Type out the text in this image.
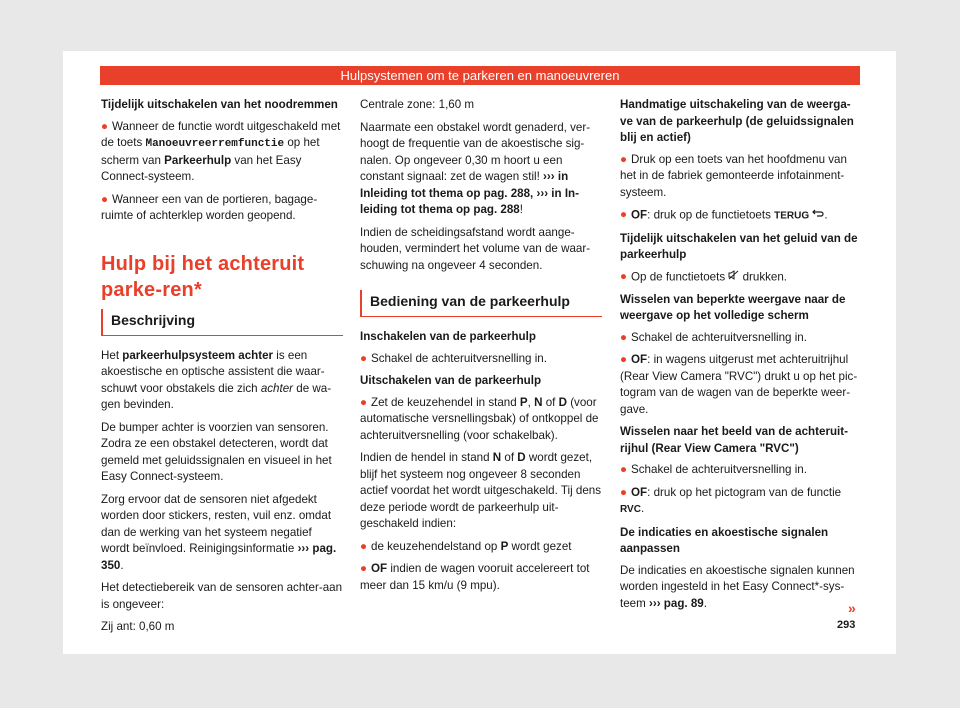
Hulpsystemen om te parkeren en manoeuvreren

Tijdelijk uitschakelen van het noodremmen

● Wanneer de functie wordt uitgeschakeld met de toets Manoeuvreerremfunctie op het scherm van Parkeerhulp van het Easy Connect-systeem.

● Wanneer een van de portieren, bagage-ruimte of achterklep worden geopend.

Hulp bij het achteruit parke-ren*
Beschrijving

Het parkeerhulpsysteem achter is een akoestische en optische assistent die waar-schuwt voor obstakels die zich achter de wa-gen bevinden.

De bumper achter is voorzien van sensoren. Zodra ze een obstakel detecteren, wordt dat gemeld met geluidssignalen en visueel in het Easy Connect-systeem.

Zorg ervoor dat de sensoren niet afgedekt worden door stickers, resten, vuil enz. omdat dan de werking van het systeem negatief wordt beïnvloed. Reinigingsinformatie ››› pag. 350.

Het detectiebereik van de sensoren achter-aan is ongeveer:

Zij ant: 0,60 m

Centrale zone: 1,60 m

Naarmate een obstakel wordt genaderd, ver-hoogt de frequentie van de akoestische sig-nalen. Op ongeveer 0,30 m hoort u een constant signaal: zet de wagen stil! ››› in Inleiding tot thema op pag. 288, ››› in In-leiding tot thema op pag. 288!

Indien de scheidingsafstand wordt aange-houden, vermindert het volume van de waar-schuwing na ongeveer 4 seconden.

Bediening van de parkeerhulp

Inschakelen van de parkeerhulp

● Schakel de achteruitversnelling in.

Uitschakelen van de parkeerhulp

● Zet de keuzehendel in stand P, N of D (voor automatische versnellingsbak) of ontkoppel de achteruitversnelling (voor schakelbak).

Indien de hendel in stand N of D wordt gezet, blijf het systeem nog ongeveer 8 seconden actief voordat het wordt uitgeschakeld. Tij dens deze periode wordt de parkeerhulp uit-geschakeld indien:

● de keuzehendelstand op P wordt gezet

● OF indien de wagen vooruit accelereert tot meer dan 15 km/u (9 mpu).

Handmatige uitschakeling van de weerga-ve van de parkeerhulp (de geluidssignalen blij en actief)

● Druk op een toets van het hoofdmenu van het in de fabriek gemonteerde infotainment-systeem.

● OF: druk op de functietoets TERUG .

Tijdelijk uitschakelen van het geluid van de parkeerhulp

● Op de functietoets  drukken.

Wisselen van beperkte weergave naar de weergave op het volledige scherm

● Schakel de achteruitversnelling in.

● OF: in wagens uitgerust met achteruitrijhul (Rear View Camera "RVC") drukt u op het pic-togram van de wagen van de beperkte weer-gave.

Wisselen naar het beeld van de achteruit-rijhul (Rear View Camera "RVC")

● Schakel de achteruitversnelling in.

● OF: druk op het pictogram van de functie
RVC.

De indicaties en akoestische signalen aanpassen

De indicaties en akoestische signalen kunnen worden ingesteld in het Easy Connect*-sys-teem ››› pag. 89.	»
293
